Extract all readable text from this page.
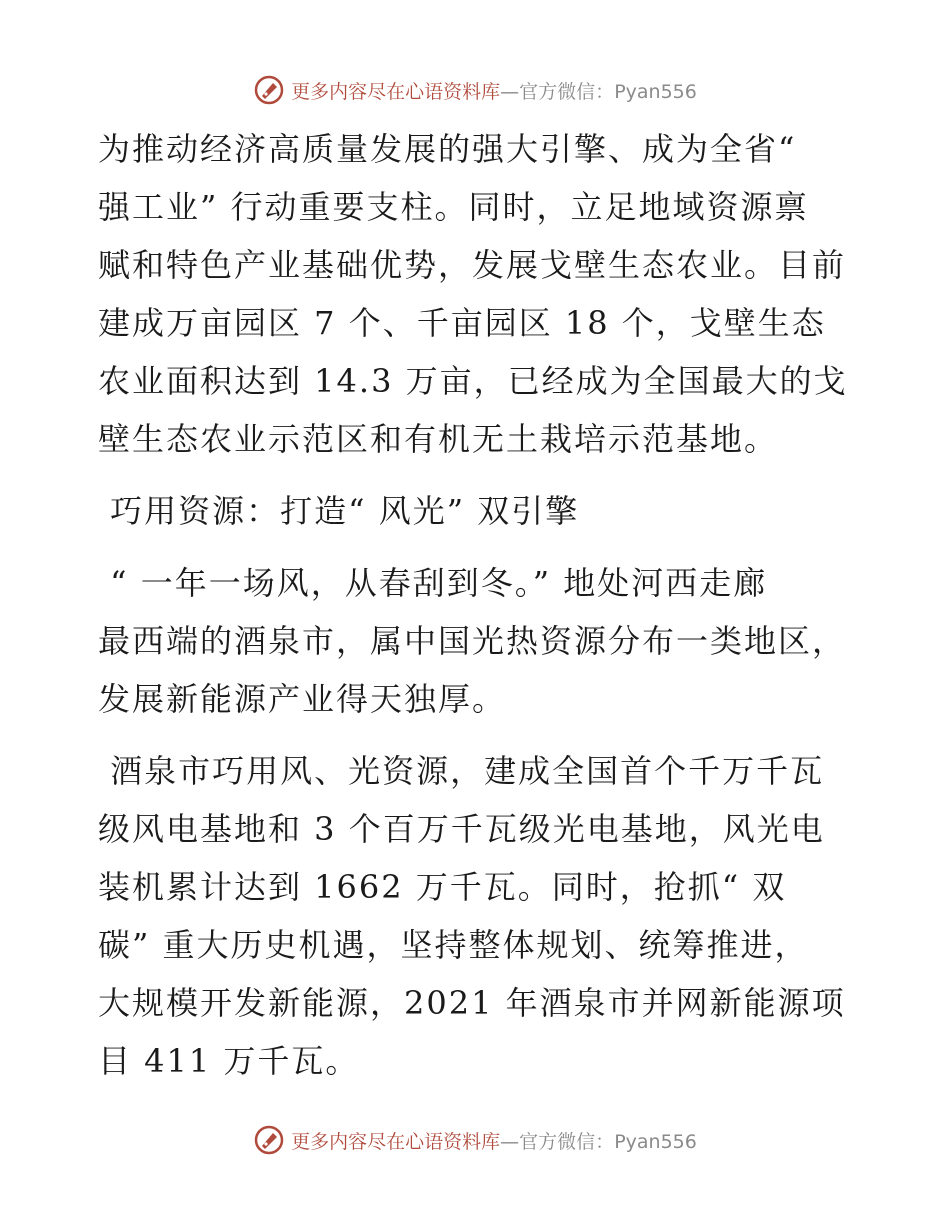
更多内容尽在心语资料库—官方微信：Pyan556

为推动经济高质量发展的强大引擎、成为全省“
强工业” 行动重要支柱。同时，立足地域资源禀
赋和特色产业基础优势，发展戈壁生态农业。目前
建成万亩园区 7 个、千亩园区 18 个，戈壁生态
农业面积达到 14.3 万亩，已经成为全国最大的戈
壁生态农业示范区和有机无土栽培示范基地。

巧用资源：打造“ 风光” 双引擎

“ 一年一场风，从春刮到冬。” 地处河西走廊
最西端的酒泉市，属中国光热资源分布一类地区，
发展新能源产业得天独厚。

酒泉市巧用风、光资源，建成全国首个千万千瓦
级风电基地和 3 个百万千瓦级光电基地，风光电
装机累计达到 1662 万千瓦。同时，抢抓“ 双
碳” 重大历史机遇，坚持整体规划、统筹推进，
大规模开发新能源，2021 年酒泉市并网新能源项
目 411 万千瓦。

更多内容尽在心语资料库—官方微信：Pyan556
